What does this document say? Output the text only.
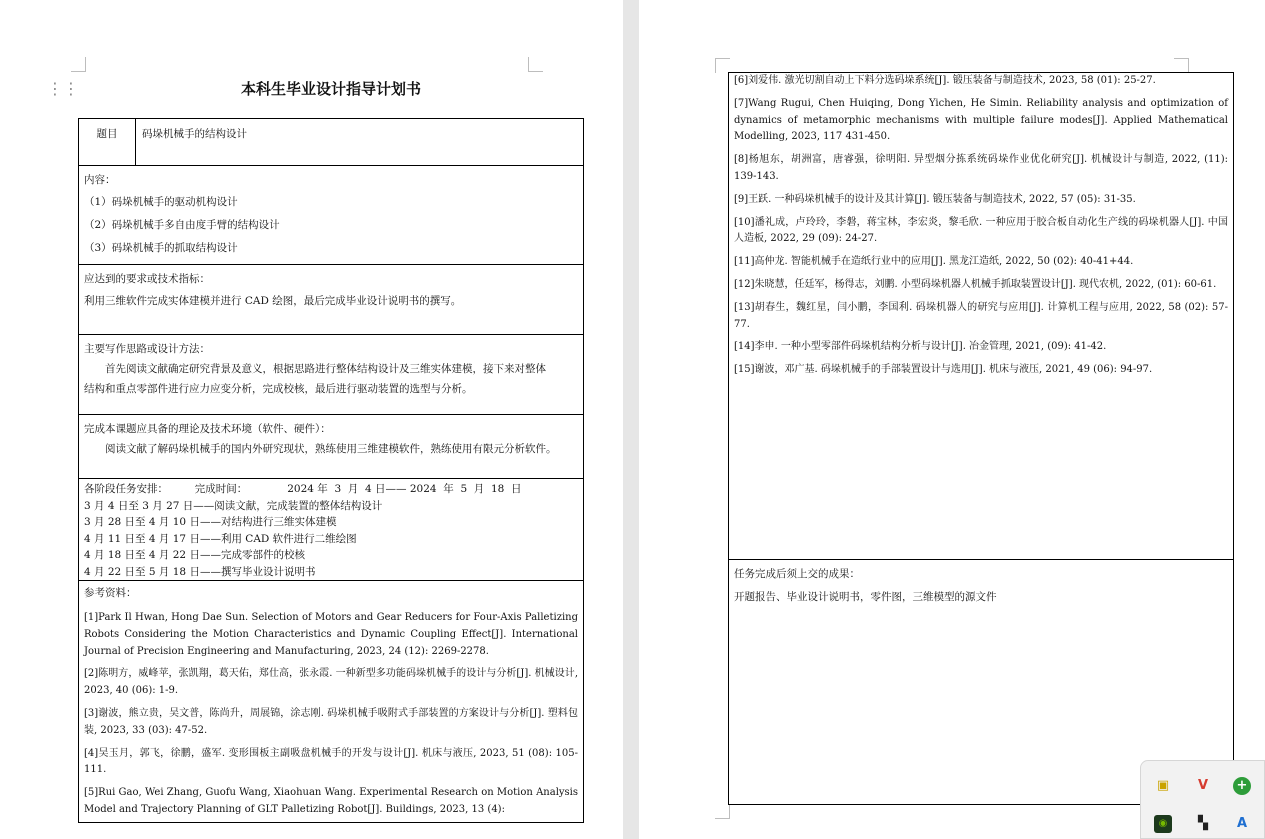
⋮⋮	本科生毕业设计指导计划书
题目	码垛机械手的结构设计
内容：
（1）码垛机械手的驱动机构设计
（2）码垛机械手多自由度手臂的结构设计
（3）码垛机械手的抓取结构设计
应达到的要求或技术指标：
利用三维软件完成实体建模并进行 CAD 绘图，最后完成毕业设计说明书的撰写。
主要写作思路或设计方法：
首先阅读文献确定研究背景及意义，根据思路进行整体结构设计及三维实体建模，接下来对整体
结构和重点零部件进行应力应变分析，完成校核，最后进行驱动装置的选型与分析。
完成本课题应具备的理论及技术环境（软件、硬件）：
阅读文献了解码垛机械手的国内外研究现状，熟练使用三维建模软件，熟练使用有限元分析软件。
各阶段任务安排：        完成时间：            2024 年  3  月  4 日—— 2024  年  5  月  18  日
3 月 4 日至 3 月 27 日——阅读文献，完成装置的整体结构设计
3 月 28 日至 4 月 10 日——对结构进行三维实体建模
4 月 11 日至 4 月 17 日——利用 CAD 软件进行二维绘图
4 月 18 日至 4 月 22 日——完成零部件的校核
4 月 22 日至 5 月 18 日——撰写毕业设计说明书
参考资料：
[1]Park Il Hwan, Hong Dae Sun. Selection of Motors and Gear Reducers for Four-Axis Palletizing Robots Considering the Motion Characteristics and Dynamic Coupling Effect[J]. International Journal of Precision Engineering and Manufacturing, 2023, 24 (12): 2269-2278.
[2]陈明方，威峰苹，张凯翔，葛天佑，郑仕高，张永霞. 一种新型多功能码垛机械手的设计与分析[J]. 机械设计, 2023, 40 (06): 1-9.
[3]谢波，熊立贵，吴文普，陈尚升，周展锦，涂志刚. 码垛机械手吸附式手部装置的方案设计与分析[J]. 塑料包装, 2023, 33 (03): 47-52.
[4]吴玉月，郭飞，徐鹏，盛军. 变形围板主副吸盘机械手的开发与设计[J]. 机床与液压, 2023, 51 (08): 105-111.
[5]Rui Gao, Wei Zhang, Guofu Wang, Xiaohuan Wang. Experimental Research on Motion Analysis Model and Trajectory Planning of GLT Palletizing Robot[J]. Buildings, 2023, 13 (4):
[6]刘爱伟. 激光切割自动上下料分选码垛系统[J]. 锻压装备与制造技术, 2023, 58 (01): 25-27.
[7]Wang Rugui, Chen Huiqing, Dong Yichen, He Simin. Reliability analysis and optimization of dynamics of metamorphic mechanisms with multiple failure modes[J]. Applied Mathematical Modelling, 2023, 117 431-450.
[8]杨旭东，胡洲富，唐睿强，徐明阳. 异型烟分拣系统码垛作业优化研究[J]. 机械设计与制造, 2022, (11): 139-143.
[9]王跃. 一种码垛机械手的设计及其计算[J]. 锻压装备与制造技术, 2022, 57 (05): 31-35.
[10]潘礼成，卢玲玲，李磐，蒋宝林，李宏炎，黎毛欣. 一种应用于胶合板自动化生产线的码垛机器人[J]. 中国人造板, 2022, 29 (09): 24-27.
[11]高仲龙. 智能机械手在造纸行业中的应用[J]. 黑龙江造纸, 2022, 50 (02): 40-41+44.
[12]朱晓慧，任廷军，杨得志，刘鹏. 小型码垛机器人机械手抓取装置设计[J]. 现代农机, 2022, (01): 60-61.
[13]胡春生，魏红星，闫小鹏，李国利. 码垛机器人的研究与应用[J]. 计算机工程与应用, 2022, 58 (02): 57-77.
[14]李申. 一种小型零部件码垛机结构分析与设计[J]. 冶金管理, 2021, (09): 41-42.
[15]谢波，邓广基. 码垛机械手的手部装置设计与选用[J]. 机床与液压, 2021, 49 (06): 94-97.
任务完成后须上交的成果：
开题报告、毕业设计说明书，零件图，三维模型的源文件
▣	V	+
◉	▚	A
